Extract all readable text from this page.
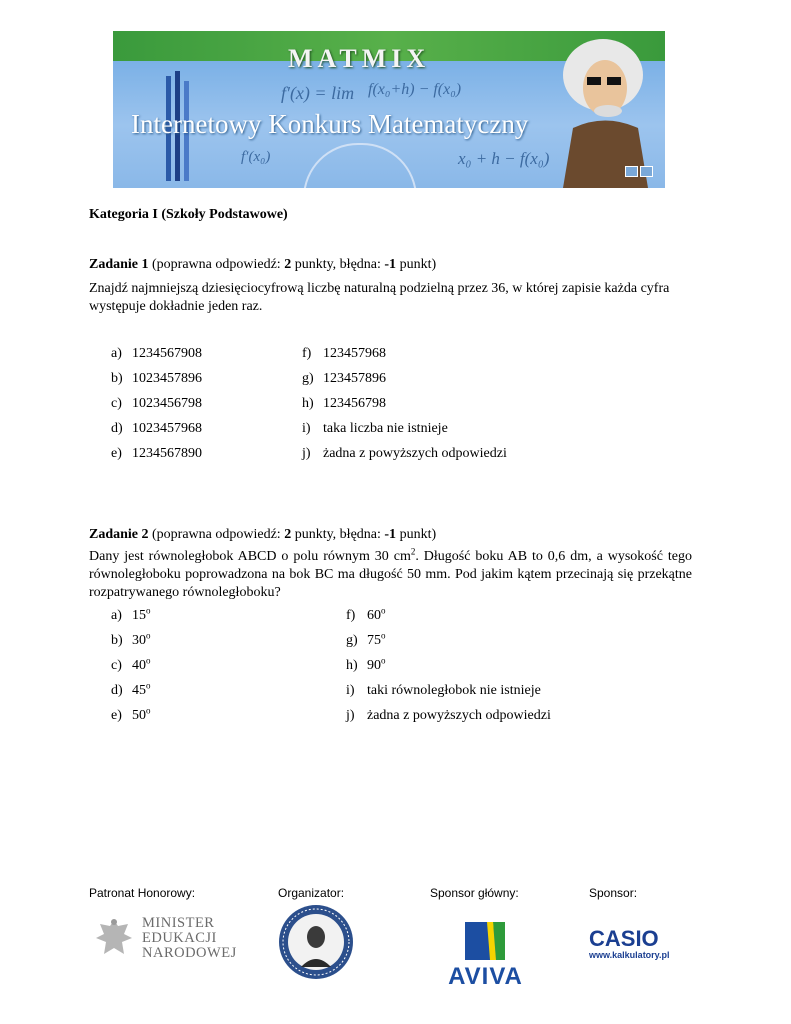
MATMIX
f′(x) = lim f(x₀+h) − f(x₀)
x₀ + h − f(x₀)
f′(x₀)
Internetowy Konkurs Matematyczny
Kategoria I (Szkoły Podstawowe)
Zadanie 1 (poprawna odpowiedź: 2 punkty, błędna: -1 punkt)
Znajdź najmniejszą dziesięciocyfrową liczbę naturalną podzielną przez 36, w której zapisie każda cyfra występuje dokładnie jeden raz.
a) 1234567908
b) 1023457896
c) 1023456798
d) 1023457968
e) 1234567890
f) 123457968
g) 123457896
h) 123456798
i) taka liczba nie istnieje
j) żadna z powyższych odpowiedzi
Zadanie 2 (poprawna odpowiedź: 2 punkty, błędna: -1 punkt)
Dany jest równoległobok ABCD o polu równym 30 $cm^2$. Długość boku AB to 0,6 dm, a wysokość tego równoległoboku poprowadzona na bok BC ma długość 50 mm. Pod jakim kątem przecinają się przekątne rozpatrywanego równoległoboku?
a) 15$^o$
b) 30$^o$
c) 40$^o$
d) 45$^o$
e) 50$^o$
f) 60$^o$
g) 75$^o$
h) 90$^o$
i) taki równoległobok nie istnieje
j) żadna z powyższych odpowiedzi
Patronat Honorowy:	Organizator:	Sponsor główny:	Sponsor:
MINISTER
EDUKACJI
NARODOWEJ
AVIVA
CASIO
www.kalkulatory.pl
